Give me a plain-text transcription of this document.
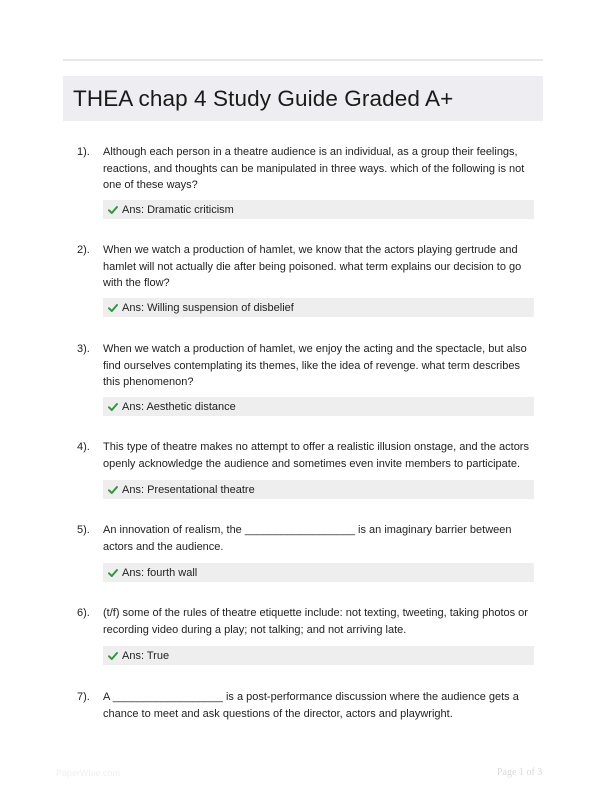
THEA chap 4 Study Guide Graded A+
1). Although each person in a theatre audience is an individual, as a group their feelings, reactions, and thoughts can be manipulated in three ways. which of the following is not one of these ways?
Ans: Dramatic criticism
2). When we watch a production of hamlet, we know that the actors playing gertrude and hamlet will not actually die after being poisoned. what term explains our decision to go with the flow?
Ans: Willing suspension of disbelief
3). When we watch a production of hamlet, we enjoy the acting and the spectacle, but also find ourselves contemplating its themes, like the idea of revenge. what term describes this phenomenon?
Ans: Aesthetic distance
4). This type of theatre makes no attempt to offer a realistic illusion onstage, and the actors openly acknowledge the audience and sometimes even invite members to participate.
Ans: Presentational theatre
5). An innovation of realism, the __________________ is an imaginary barrier between actors and the audience.
Ans: fourth wall
6). (t/f) some of the rules of theatre etiquette include: not texting, tweeting, taking photos or recording video during a play; not talking; and not arriving late.
Ans: True
7). A __________________ is a post-performance discussion where the audience gets a chance to meet and ask questions of the director, actors and playwright.
PaperWhie.com	Page 1 of 3
